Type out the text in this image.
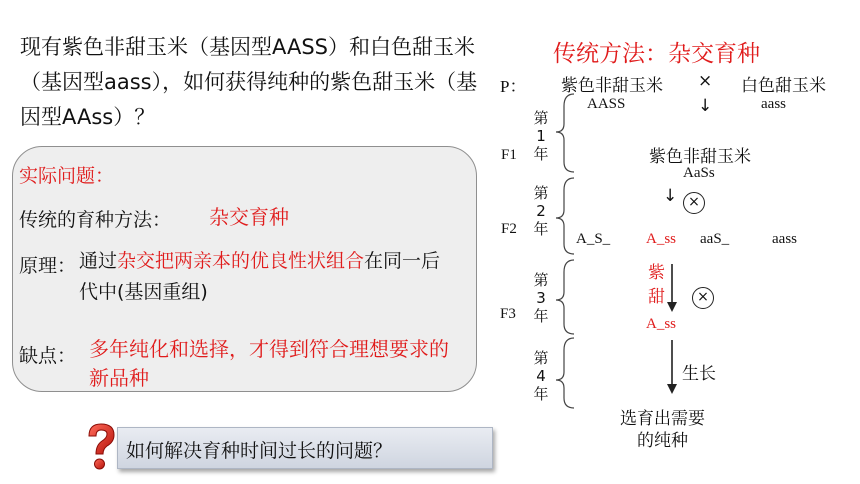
现有紫色非甜玉米（基因型AASS）和白色甜玉米（基因型aass），如何获得纯种的紫色甜玉米（基因型AAss）？
实际问题：
传统的育种方法： 杂交育种
原理： 通过杂交把两亲本的优良性状组合在同一后代中(基因重组)
缺点： 多年纯化和选择，才得到符合理想要求的新品种
传统方法：杂交育种
P： 紫色非甜玉米 × 白色甜玉米
AASS	aass
↓
第1年
第2年
第3年
第4年
F1
F2
F3
紫色非甜玉米
AaSs
↓ ×
A_S_ A_ss aaS_	aass
紫
甜	×
A_ss
生长
选育出需要
的纯种
如何解决育种时间过长的问题？
